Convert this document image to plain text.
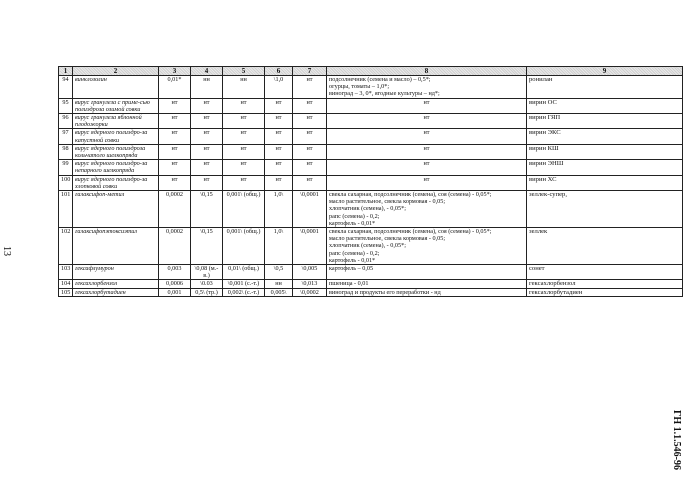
13
ГН 1.1.546-96
1	2	3	4	5	6	7	8	9
94	винклозолин	0,01*	нн	нн	\1,0	нт	подсолнечник (семена и масло) – 0,5*;
огурцы, томаты – 1,0*;
виноград – 3, 0*, ягодные культуры – нд*;	ронилан
95	вирус гранулеза с приме-сью полиэдроза озимой совки	нт	нт	нт	нт	нт	нт	вирин ОС
96	вирус гранулеза яблонной плодожорки	нт	нт	нт	нт	нт	нт	вирин ГЯП
97	вирус ядерного полиэдро-за капустной совки	нт	нт	нт	нт	нт	нт	вирин ЭКС
98	вирус ядерного полиэдроза кольчатого шелкопряда	нт	нт	нт	нт	нт	нт	вирин КШ
99	вирус ядерного полиэдро-за непарного шелкопряда	нт	нт	нт	нт	нт	нт	вирин ЭНШ
100	вирус ядерного полиэдро-за хлопковой совки	нт	нт	нт	нт	нт	нт	вирин ХС
101	галаксифоп-метил	0,0002	\0,15	0,001\ (общ.)	1,0\	\0,0001	свекла сахарная, подсолнечник (семена), соя (семена) - 0,05*;
масло растительное, свекла кормовая - 0,05;
хлопчатник (семена), - 0,05*;
рапс (семена) - 0,2;
картофель - 0,01*	зеллек-супер,
102	галаксифопэтоксиэтил	0,0002	\0,15	0,001\ (общ.)	1,0\	\0,0001	свекла сахарная, подсолнечник (семена), соя (семена) - 0,05*;
масло растительное, свекла кормовая - 0,05;
хлопчатник (семена), - 0,05*;
рапс (семена) - 0,2;
картофель - 0,01*	зеллек
103	гексафлумурон	0,003	\0,08 (м.-в.)	0,01\ (общ.)	\0,5	\0,005	картофель – 0,05	сонет
104	гексахлорбензол	0,0006	\0.03	\0,001 (с.-т.)	нн	\0,013	пшеница - 0,01	гексахлорбензол
105	гексахлорбутадиен	0,001	0,5\ (тр.)	0,002\ (с.-т.)	0,005\	\0,0002	виноград и продукты его переработки - нд	гексахлорбутадиен
